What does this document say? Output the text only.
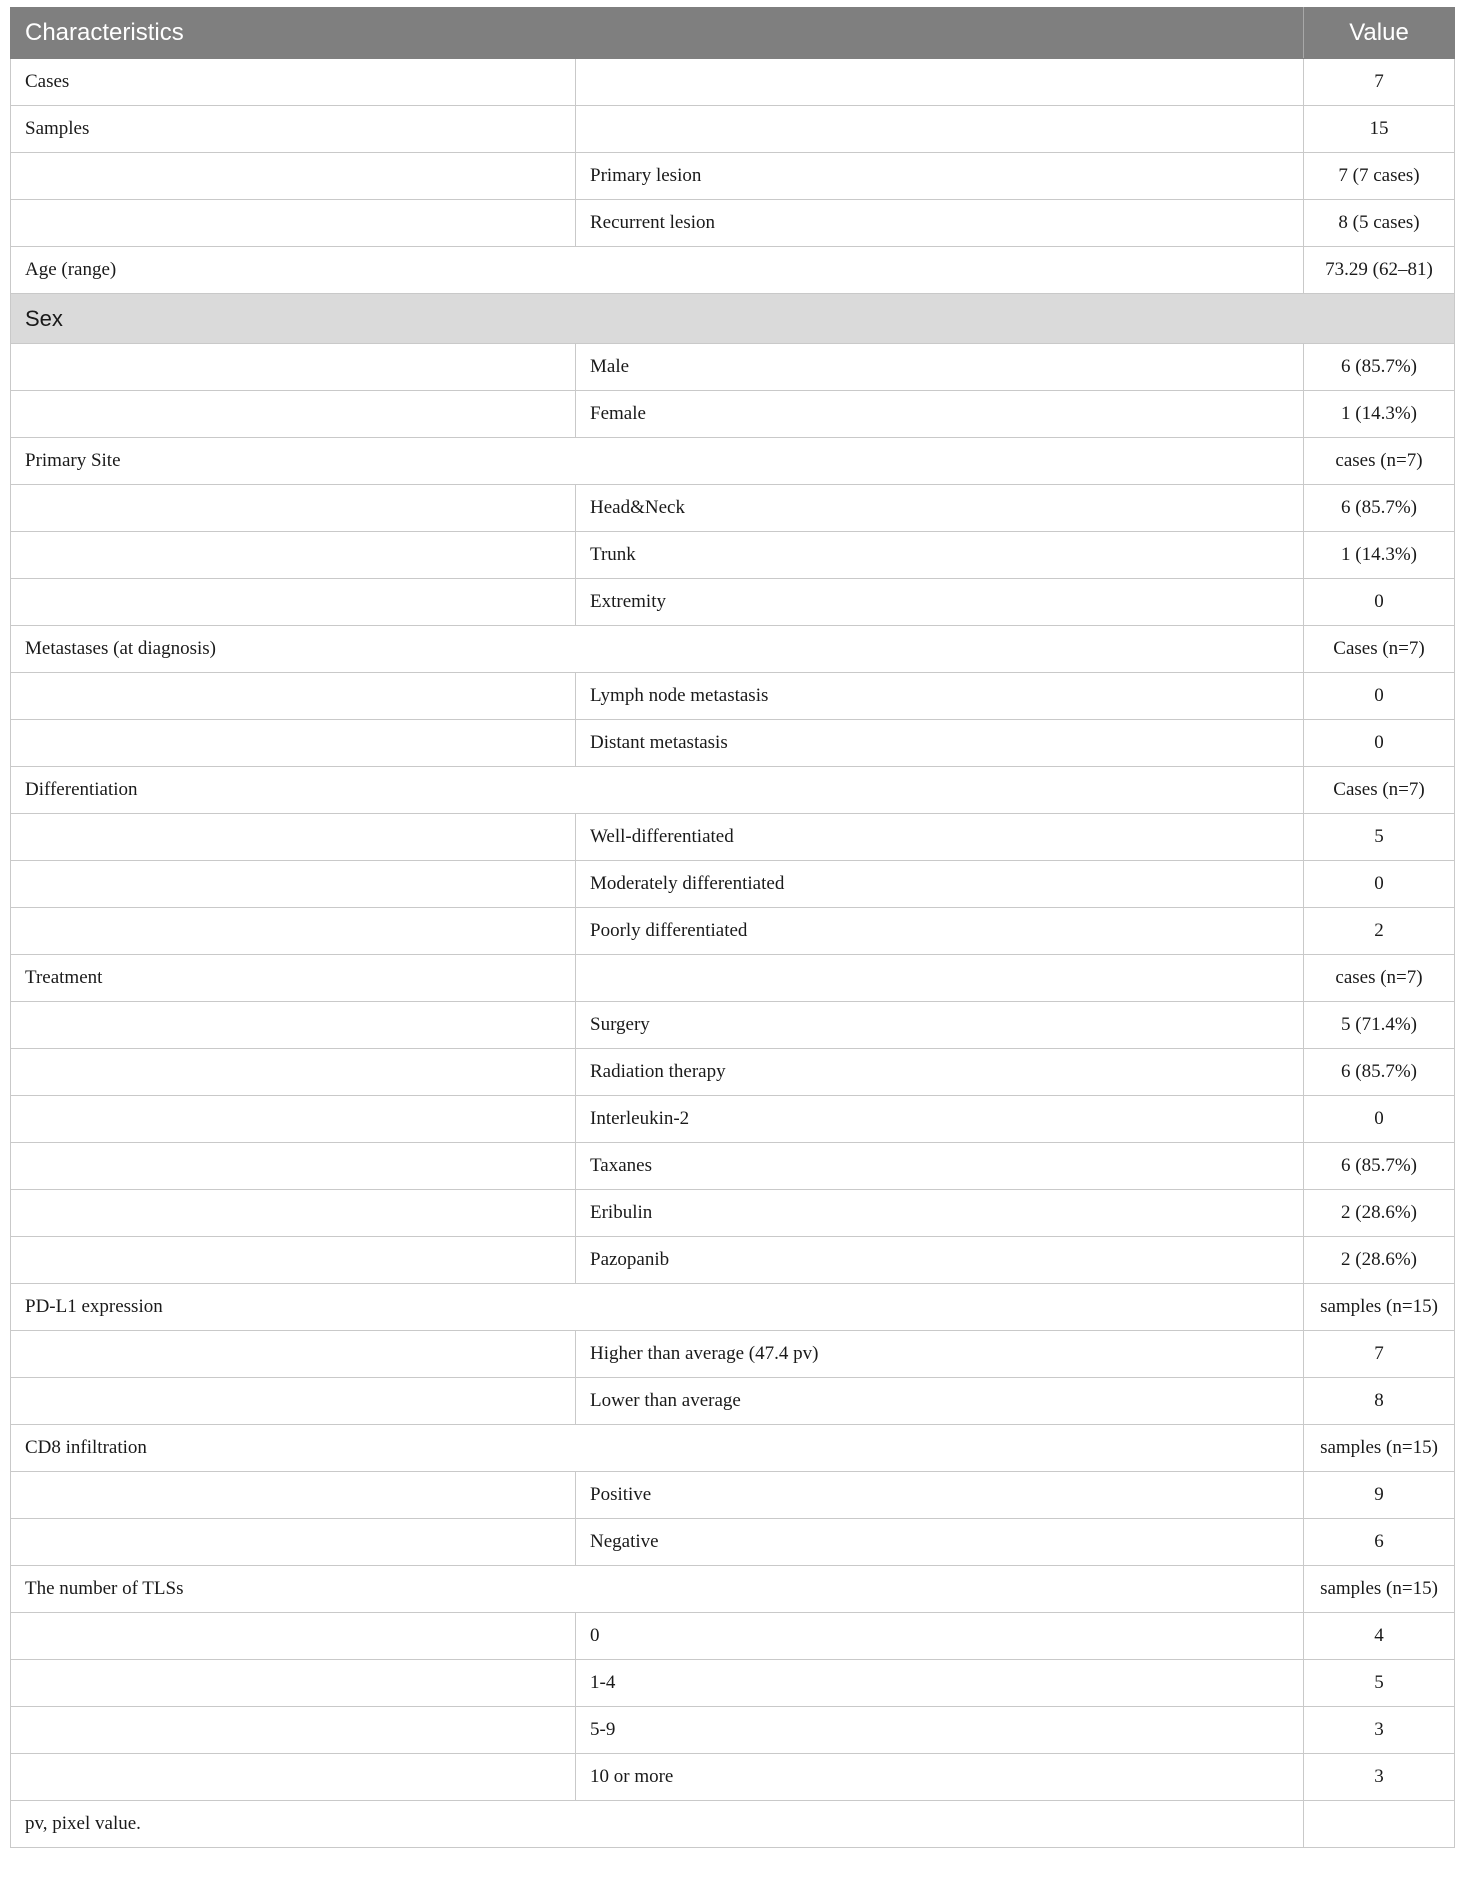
Characteristics		Value
Cases		7
Samples		15
	Primary lesion	7 (7 cases)
	Recurrent lesion	8 (5 cases)
Age (range)		73.29 (62–81)
Sex		
	Male	6 (85.7%)
	Female	1 (14.3%)
Primary Site		cases (n=7)
	Head&Neck	6 (85.7%)
	Trunk	1 (14.3%)
	Extremity	0
Metastases (at diagnosis)		Cases (n=7)
	Lymph node metastasis	0
	Distant metastasis	0
Differentiation		Cases (n=7)
	Well-differentiated	5
	Moderately differentiated	0
	Poorly differentiated	2
Treatment		cases (n=7)
	Surgery	5 (71.4%)
	Radiation therapy	6 (85.7%)
	Interleukin-2	0
	Taxanes	6 (85.7%)
	Eribulin	2 (28.6%)
	Pazopanib	2 (28.6%)
PD-L1 expression		samples (n=15)
	Higher than average (47.4 pv)	7
	Lower than average	8
CD8 infiltration		samples (n=15)
	Positive	9
	Negative	6
The number of TLSs		samples (n=15)
	0	4
	1-4	5
	5-9	3
	10 or more	3
pv, pixel value.		
